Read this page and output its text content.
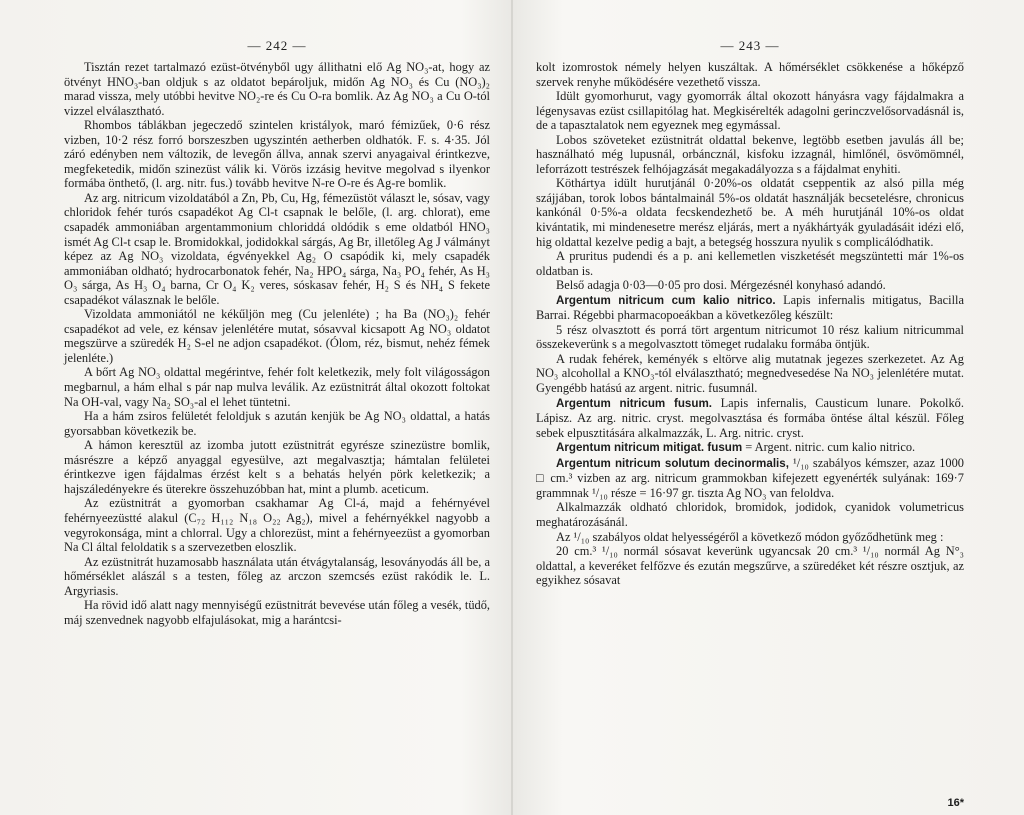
— 242 —

Tisztán rezet tartalmazó ezüst-ötvényből ugy állithatni elő Ag NO₃-at, hogy az ötvényt HNO₃-ban oldjuk s az oldatot bepároljuk, midőn Ag NO₃ és Cu (NO₃)₂ marad vissza, mely utóbbi hevitve NO₂-re és Cu O-ra bomlik. Az Ag NO₃ a Cu O-tól vizzel elválasztható.

Rhombos táblákban jegeczedő szintelen kristályok, maró fémizűek, 0·6 rész vizben, 10·2 rész forró borszeszben ugyszintén aetherben oldhatók. F. s. 4·35. Jól záró edényben nem változik, de levegőn állva, annak szervi anyagaival érintkezve, megfeketedik, midőn szinezüst válik ki. Vörös izzásig hevitve megolvad s ilyenkor formába önthető, (l. arg. nitr. fus.) tovább hevitve N-re O-re és Ag-re bomlik.

Az arg. nitricum vizoldatából a Zn, Pb, Cu, Hg, fémezüstöt választ le, sósav, vagy chloridok fehér turós csapadékot Ag Cl-t csapnak le belőle, (l. arg. chlorat), eme csapadék ammoniában argentammonium chloriddá oldódik s eme oldatból HNO₃ ismét Ag Cl-t csap le. Bromidokkal, jodidokkal sárgás, Ag Br, illetőleg Ag J válmányt képez az Ag NO₃ vizoldata, égvényekkel Ag₂ O csapódik ki, mely csapadék ammoniában oldható; hydrocarbonatok fehér, Na₂ HPO₄ sárga, Na₃ PO₄ fehér, As H₃ O₃ sárga, As H₃ O₄ barna, Cr O₄ K₂ veres, sóskasav fehér, H₂ S és NH₄ S fekete csapadékot válasznak le belőle.

Vizoldata ammoniától ne kékűljön meg (Cu jelenléte) ; ha Ba (NO₃)₂ fehér csapadékot ad vele, ez kénsav jelenlétére mutat, sósavval kicsapott Ag NO₃ oldatot megszürve a szüredék H₂ S-el ne adjon csapadékot. (Ólom, réz, bismut, nehéz fémek jelenléte.)

A bőrt Ag NO₃ oldattal megérintve, fehér folt keletkezik, mely folt világosságon megbarnul, a hám elhal s pár nap mulva leválik. Az ezüstnitrát által okozott foltokat Na OH-val, vagy Na₂ SO₃-al el lehet tüntetni.

Ha a hám zsiros felületét feloldjuk s azután kenjük be Ag NO₃ oldattal, a hatás gyorsabban következik be.

A hámon keresztül az izomba jutott ezüstnitrát egyrésze szinezüstre bomlik, másrészre a képző anyaggal egyesülve, azt megalvasztja; hámtalan felületei érintkezve igen fájdalmas érzést kelt s a behatás helyén pörk keletkezik; a hajszáledényekre és üterekre összehuzóbban hat, mint a plumb. aceticum.

Az ezüstnitrát a gyomorban csakhamar Ag Cl-á, majd a fehérnyével fehérnyeezüstté alakul (C₇₂ H₁₁₂ N₁₈ O₂₂ Ag₂), mivel a fehérnyékkel nagyobb a vegyrokonsága, mint a chlorral. Ugy a chlorezüst, mint a fehérnyeezüst a gyomorban Na Cl által feloldatik s a szervezetben eloszlik.

Az ezüstnitrát huzamosabb használata után étvágytalanság, lesoványodás áll be, a hőmérséklet alászál s a testen, főleg az arczon szemcsés ezüst rakódik le. L. Argyriasis.

Ha rövid idő alatt nagy mennyiségű ezüstnitrát bevevése után főleg a vesék, tüdő, máj szenvednek nagyobb elfajulásokat, mig a harántcsi-

— 243 —

kolt izomrostok némely helyen kuszáltak. A hőmérséklet csökkenése a hőképző szervek renyhe működésére vezethető vissza.

Idült gyomorhurut, vagy gyomorrák által okozott hányásra vagy fájdalmakra a légenysavas ezüst csillapitólag hat. Megkisérelték adagolni gerinczvelősorvadásnál is, de a tapasztalatok nem egyeznek meg egymással.

Lobos szöveteket ezüstnitrát oldattal bekenve, legtöbb esetben javulás áll be; használható még lupusnál, orbáncznál, kisfoku izzagnál, himlőnél, ösvömömnél, leforrázott testrészek felhójagzását megakadályozza s a fájdalmat enyhiti.

Köthártya idült hurutjánál 0·20%-os oldatát cseppentik az alsó pilla még szájjában, torok lobos bántalmainál 5%-os oldatát használják becsetelésre, chronicus kankónál 0·5%-a oldata fecskendezhető be. A méh hurutjánál 10%-os oldat kivántatik, mi mindenesetre merész eljárás, mert a nyákhártyák gyuladásáit idézi elő, hig oldattal kezelve pedig a bajt, a betegség hosszura nyulik s complicálódhatik.

A pruritus pudendi és a p. ani kellemetlen viszketését megszüntetti már 1%-os oldatban is.

Belső adagja 0·03—0·05 pro dosi. Mérgezésnél konyhasó adandó.

Argentum nitricum cum kalio nitrico. Lapis infernalis mitigatus, Bacilla Barrai. Régebbi pharmacopoeákban a következőleg készült:

5 rész olvasztott és porrá tört argentum nitricumot 10 rész kalium nitricummal összekeverünk s a megolvasztott tömeget rudalaku formába öntjük.

A rudak fehérek, keményék s eltörve alig mutatnak jegezes szerkezetet. Az Ag NO₃ alcohollal a KNO₃-tól elválasztható; megnedvesedése Na NO₃ jelenlétére mutat. Gyengébb hatású az argent. nitric. fusumnál.

Argentum nitricum fusum. Lapis infernalis, Causticum lunare. Pokolkő. Lápisz. Az arg. nitric. cryst. megolvasztása és formába öntése által készül. Főleg sebek elpusztitására alkalmazzák, L. Arg. nitric. cryst.

Argentum nitricum mitigat. fusum = Argent. nitric. cum kalio nitrico.

Argentum nitricum solutum decinormalis, ¹/₁₀ szabályos kémszer, azaz 1000 □ cm.³ vizben az arg. nitricum grammokban kifejezett egyenérték sulyának: 169·7 grammnak ¹/₁₀ része = 16·97 gr. tiszta Ag NO₃ van feloldva.

Alkalmazzák oldható chloridok, bromidok, jodidok, cyanidok volumetricus meghatározásánál.

Az ¹/₁₀ szabályos oldat helyességéről a következő módon győződhetünk meg :

20 cm.³ ¹/₁₀ normál sósavat keverünk ugyancsak 20 cm.³ ¹/₁₀ normál Ag N°₃ oldattal, a keveréket felfőzve és ezután megszűrve, a szüredéket két részre osztjuk, az egyikhez sósavat

16*
